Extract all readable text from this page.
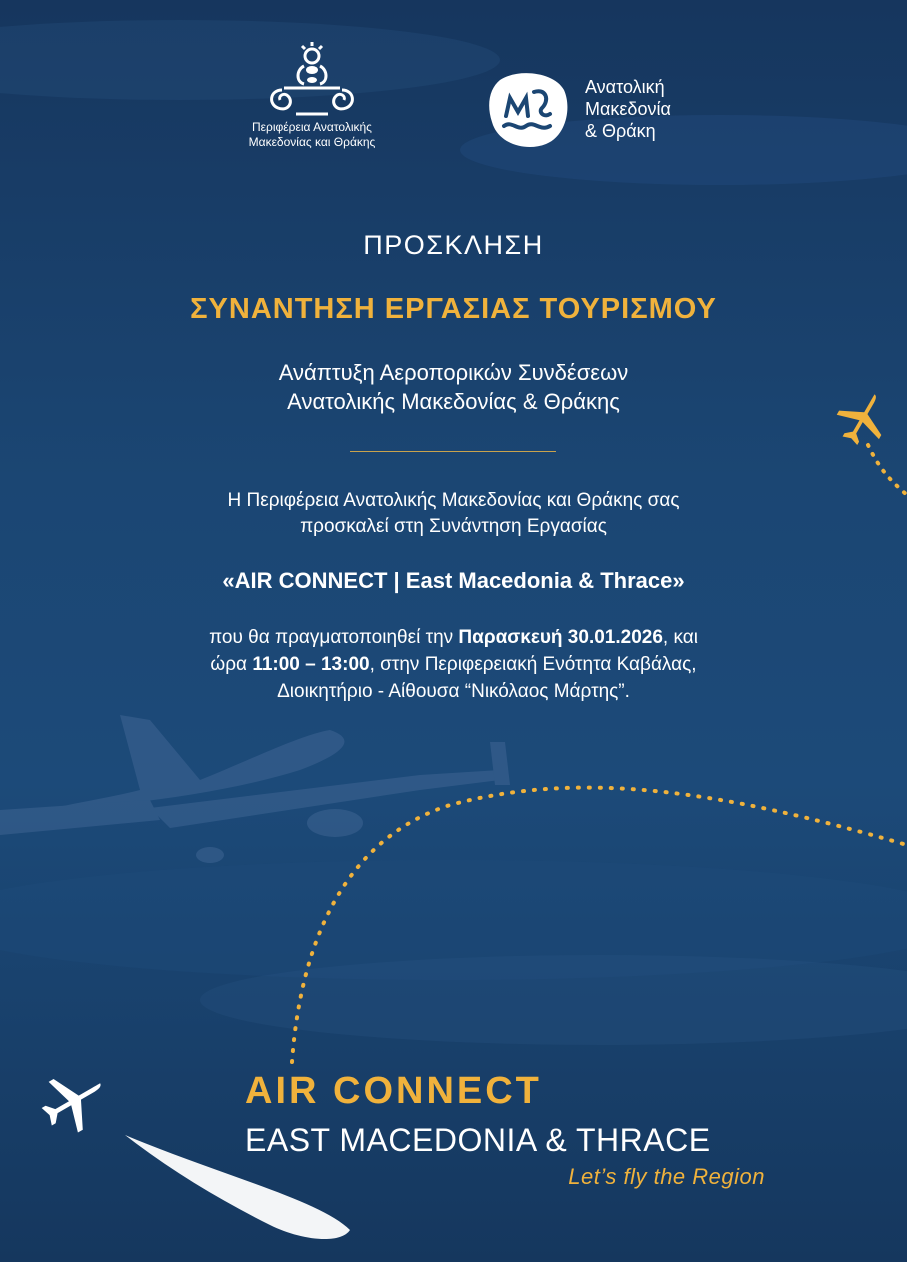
Περιφέρεια Ανατολικής
Μακεδονίας και Θράκης
Ανατολική
Μακεδονία
& Θράκη
ΠΡΟΣΚΛΗΣΗ
ΣΥΝΑΝΤΗΣΗ ΕΡΓΑΣΙΑΣ ΤΟΥΡΙΣΜΟΥ
Ανάπτυξη Αεροπορικών Συνδέσεων
Ανατολικής Μακεδονίας & Θράκης
Η Περιφέρεια Ανατολικής Μακεδονίας και Θράκης σας
προσκαλεί στη Συνάντηση Εργασίας
«AIR CONNECT | East Macedonia & Thrace»
που θα πραγματοποιηθεί την Παρασκευή 30.01.2026, και
ώρα 11:00 – 13:00, στην Περιφερειακή Ενότητα Καβάλας,
Διοικητήριο - Αίθουσα “Νικόλαος Μάρτης”.
AIR CONNECT
EAST MACEDONIA & THRACE
Let’s fly the Region
